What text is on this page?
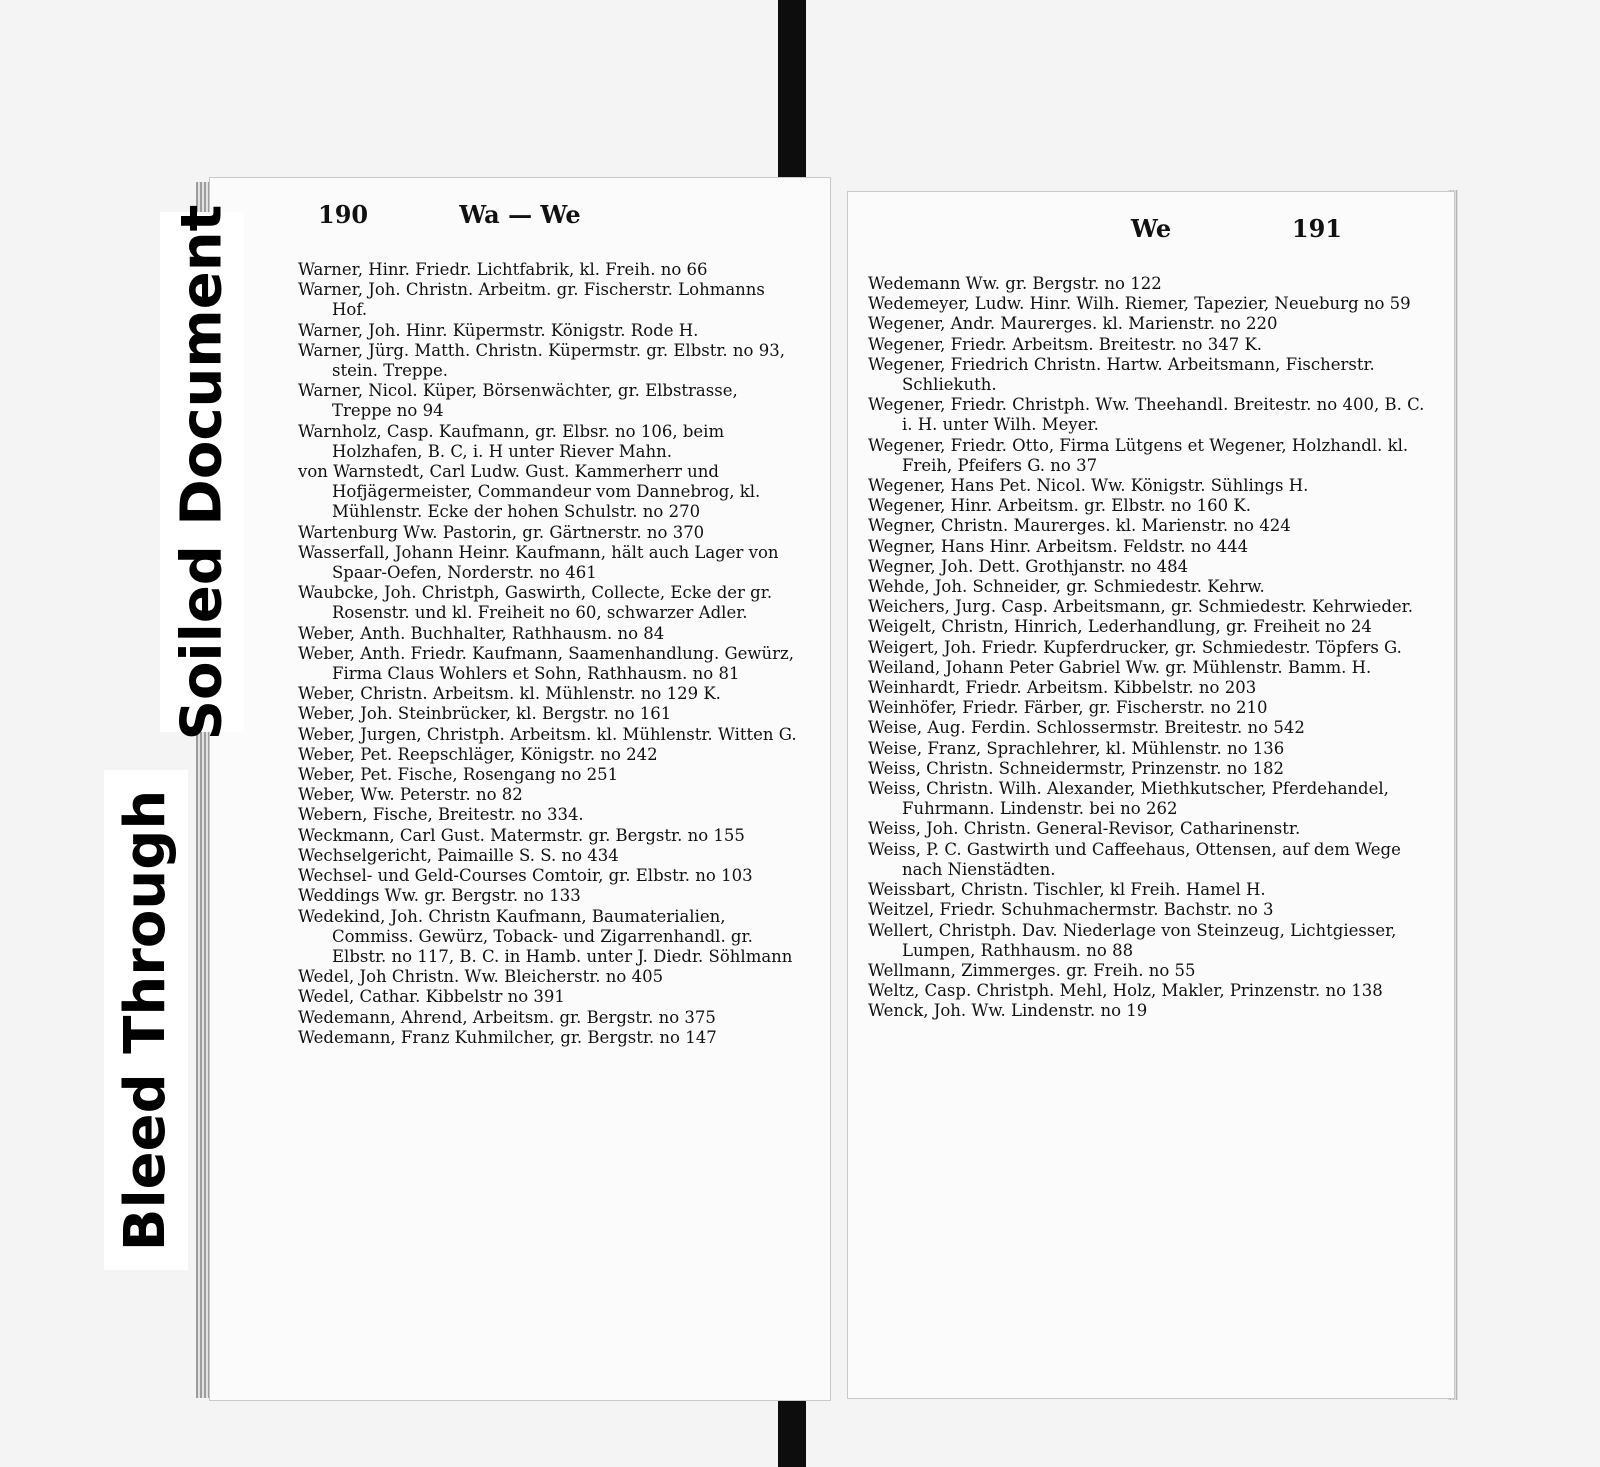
190	Wa — We
Warner, Hinr. Friedr. Lichtfabrik, kl. Freih. no 66
Warner, Joh. Christn. Arbeitm. gr. Fischerstr. Lohmanns Hof.
Warner, Joh. Hinr. Küpermstr. Königstr. Rode H.
Warner, Jürg. Matth. Christn. Küpermstr. gr. Elbstr. no 93, stein. Treppe.
Warner, Nicol. Küper, Börsenwächter, gr. Elbstrasse, Treppe no 94
Warnholz, Casp. Kaufmann, gr. Elbsr. no 106, beim Holzhafen, B. C, i. H unter Riever Mahn.
von Warnstedt, Carl Ludw. Gust. Kammerherr und Hofjägermeister, Commandeur vom Dannebrog, kl. Mühlenstr. Ecke der hohen Schulstr. no 270
Wartenburg Ww. Pastorin, gr. Gärtnerstr. no 370
Wasserfall, Johann Heinr. Kaufmann, hält auch Lager von Spaar-Oefen, Norderstr. no 461
Waubcke, Joh. Christph, Gaswirth, Collecte, Ecke der gr. Rosenstr. und kl. Freiheit no 60, schwarzer Adler.
Weber, Anth. Buchhalter, Rathhausm. no 84
Weber, Anth. Friedr. Kaufmann, Saamenhandlung. Gewürz, Firma Claus Wohlers et Sohn, Rathhausm. no 81
Weber, Christn. Arbeitsm. kl. Mühlenstr. no 129 K.
Weber, Joh. Steinbrücker, kl. Bergstr. no 161
Weber, Jurgen, Christph. Arbeitsm. kl. Mühlenstr. Witten G.
Weber, Pet. Reepschläger, Königstr. no 242
Weber, Pet. Fische, Rosengang no 251
Weber, Ww. Peterstr. no 82
Webern, Fische, Breitestr. no 334.
Weckmann, Carl Gust. Matermstr. gr. Bergstr. no 155
Wechselgericht, Paimaille S. S. no 434
Wechsel- und Geld-Courses Comtoir, gr. Elbstr. no 103
Weddings Ww. gr. Bergstr. no 133
Wedekind, Joh. Christn Kaufmann, Baumaterialien, Commiss. Gewürz, Toback- und Zigarrenhandl. gr. Elbstr. no 117, B. C. in Hamb. unter J. Diedr. Söhlmann
Wedel, Joh Christn. Ww. Bleicherstr. no 405
Wedel, Cathar. Kibbelstr no 391
Wedemann, Ahrend, Arbeitsm. gr. Bergstr. no 375
Wedemann, Franz Kuhmilcher, gr. Bergstr. no 147
We	191
Wedemann Ww. gr. Bergstr. no 122
Wedemeyer, Ludw. Hinr. Wilh. Riemer, Tapezier, Neueburg no 59
Wegener, Andr. Maurerges. kl. Marienstr. no 220
Wegener, Friedr. Arbeitsm. Breitestr. no 347 K.
Wegener, Friedrich Christn. Hartw. Arbeitsmann, Fischerstr. Schliekuth.
Wegener, Friedr. Christph. Ww. Theehandl. Breitestr. no 400, B. C. i. H. unter Wilh. Meyer.
Wegener, Friedr. Otto, Firma Lütgens et Wegener, Holzhandl. kl. Freih, Pfeifers G. no 37
Wegener, Hans Pet. Nicol. Ww. Königstr. Sühlings H.
Wegener, Hinr. Arbeitsm. gr. Elbstr. no 160 K.
Wegner, Christn. Maurerges. kl. Marienstr. no 424
Wegner, Hans Hinr. Arbeitsm. Feldstr. no 444
Wegner, Joh. Dett. Grothjanstr. no 484
Wehde, Joh. Schneider, gr. Schmiedestr. Kehrw.
Weichers, Jurg. Casp. Arbeitsmann, gr. Schmiedestr. Kehrwieder.
Weigelt, Christn, Hinrich, Lederhandlung, gr. Freiheit no 24
Weigert, Joh. Friedr. Kupferdrucker, gr. Schmiedestr. Töpfers G.
Weiland, Johann Peter Gabriel Ww. gr. Mühlenstr. Bamm. H.
Weinhardt, Friedr. Arbeitsm. Kibbelstr. no 203
Weinhöfer, Friedr. Färber, gr. Fischerstr. no 210
Weise, Aug. Ferdin. Schlossermstr. Breitestr. no 542
Weise, Franz, Sprachlehrer, kl. Mühlenstr. no 136
Weiss, Christn. Schneidermstr, Prinzenstr. no 182
Weiss, Christn. Wilh. Alexander, Miethkutscher, Pferdehandel, Fuhrmann. Lindenstr. bei no 262
Weiss, Joh. Christn. General-Revisor, Catharinenstr.
Weiss, P. C. Gastwirth und Caffeehaus, Ottensen, auf dem Wege nach Nienstädten.
Weissbart, Christn. Tischler, kl Freih. Hamel H.
Weitzel, Friedr. Schuhmachermstr. Bachstr. no 3
Wellert, Christph. Dav. Niederlage von Steinzeug, Lichtgiesser, Lumpen, Rathhausm. no 88
Wellmann, Zimmerges. gr. Freih. no 55
Weltz, Casp. Christph. Mehl, Holz, Makler, Prinzenstr. no 138
Wenck, Joh. Ww. Lindenstr. no 19
Soiled Document
Bleed Through
